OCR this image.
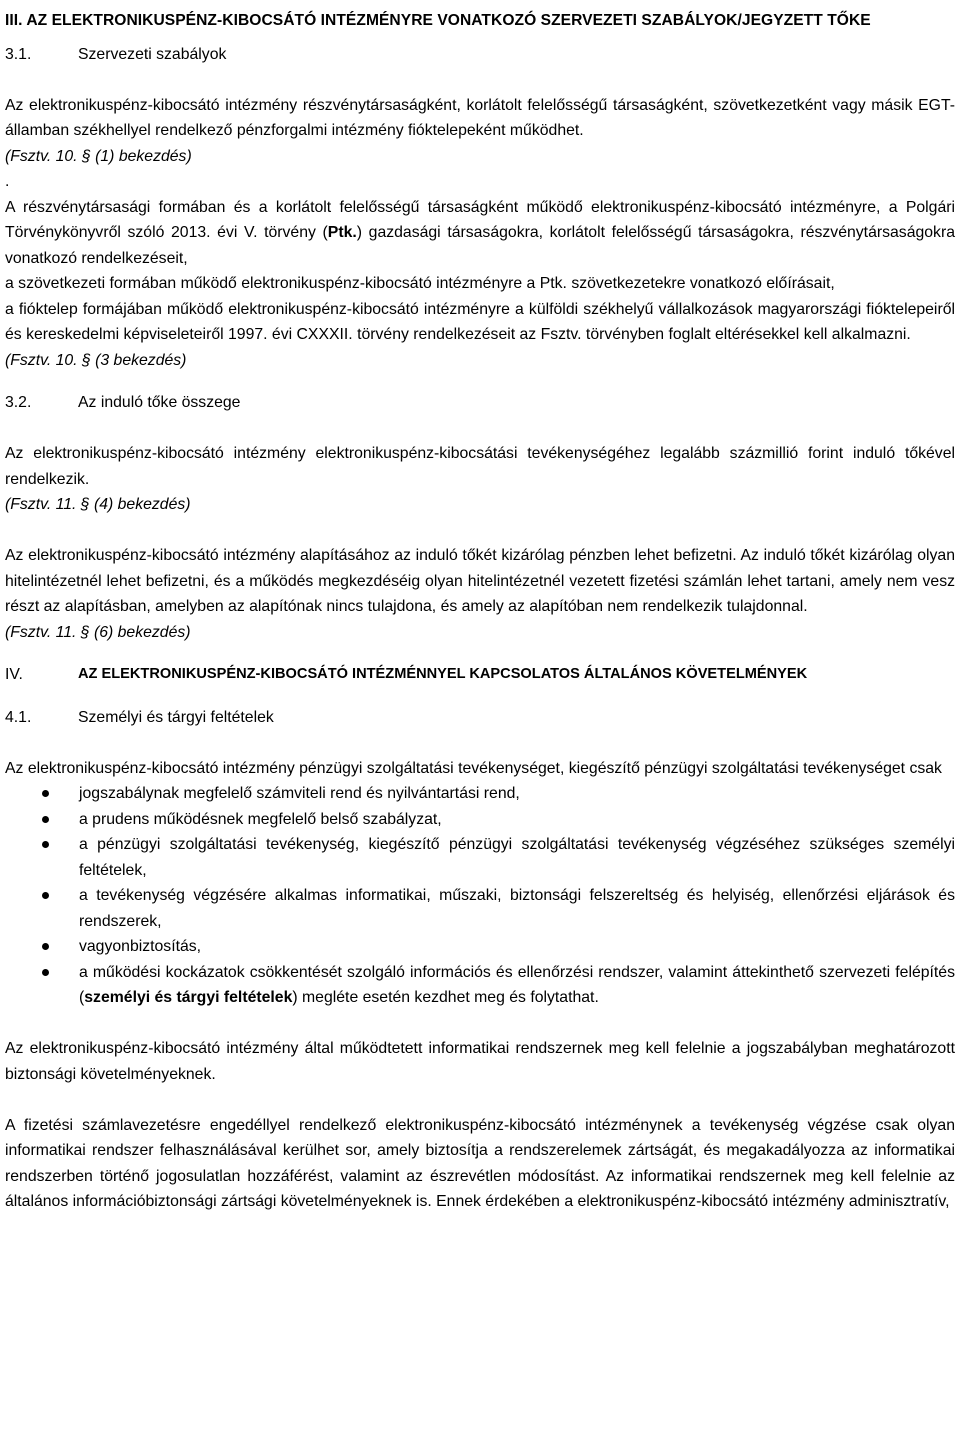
III. AZ ELEKTRONIKUSPÉNZ-KIBOCSÁTÓ INTÉZMÉNYRE VONATKOZÓ SZERVEZETI SZABÁLYOK/JEGYZETT TŐKE
3.1.	Szervezeti szabályok

Az elektronikuspénz-kibocsátó intézmény részvénytársaságként, korlátolt felelősségű társaságként, szövetkezetként vagy másik EGT-államban székhellyel rendelkező pénzforgalmi intézmény fióktelepeként működhet.

(Fsztv. 10. § (1) bekezdés)

.

A részvénytársasági formában és a korlátolt felelősségű társaságként működő elektronikuspénz-kibocsátó intézményre, a Polgári Törvénykönyvről szóló 2013. évi V. törvény (Ptk.) gazdasági társaságokra, korlátolt felelősségű társaságokra, részvénytársaságokra vonatkozó rendelkezéseit,

a szövetkezeti formában működő elektronikuspénz-kibocsátó intézményre a Ptk. szövetkezetekre vonatkozó előírásait,

a fióktelep formájában működő elektronikuspénz-kibocsátó intézményre a külföldi székhelyű vállalkozások magyarországi fióktelepeiről és kereskedelmi képviseleteiről 1997. évi CXXXII. törvény rendelkezéseit az Fsztv. törvényben foglalt eltérésekkel kell alkalmazni.

(Fsztv. 10. § (3 bekezdés)

3.2.	Az induló tőke összege

Az elektronikuspénz-kibocsátó intézmény elektronikuspénz-kibocsátási tevékenységéhez legalább százmillió forint induló tőkével rendelkezik.

(Fsztv. 11. § (4) bekezdés)

Az elektronikuspénz-kibocsátó intézmény alapításához az induló tőkét kizárólag pénzben lehet befizetni. Az induló tőkét kizárólag olyan hitelintézetnél lehet befizetni, és a működés megkezdéséig olyan hitelintézetnél vezetett fizetési számlán lehet tartani, amely nem vesz részt az alapításban, amelyben az alapítónak nincs tulajdona, és amely az alapítóban nem rendelkezik tulajdonnal.

(Fsztv. 11. § (6) bekezdés)

IV.	AZ ELEKTRONIKUSPÉNZ-KIBOCSÁTÓ INTÉZMÉNNYEL KAPCSOLATOS ÁLTALÁNOS KÖVETELMÉNYEK
4.1.	Személyi és tárgyi feltételek

Az elektronikuspénz-kibocsátó intézmény pénzügyi szolgáltatási tevékenységet, kiegészítő pénzügyi szolgáltatási tevékenységet csak

jogszabálynak megfelelő számviteli rend és nyilvántartási rend,
a prudens működésnek megfelelő belső szabályzat,
a pénzügyi szolgáltatási tevékenység, kiegészítő pénzügyi szolgáltatási tevékenység végzéséhez szükséges személyi feltételek,
a tevékenység végzésére alkalmas informatikai, műszaki, biztonsági felszereltség és helyiség, ellenőrzési eljárások és rendszerek,
vagyonbiztosítás,
a működési kockázatok csökkentését szolgáló információs és ellenőrzési rendszer, valamint áttekinthető szervezeti felépítés (személyi és tárgyi feltételek) megléte esetén kezdhet meg és folytathat.

Az elektronikuspénz-kibocsátó intézmény által működtetett informatikai rendszernek meg kell felelnie a jogszabályban meghatározott biztonsági követelményeknek.

A fizetési számlavezetésre engedéllyel rendelkező elektronikuspénz-kibocsátó intézménynek a tevékenység végzése csak olyan informatikai rendszer felhasználásával kerülhet sor, amely biztosítja a rendszerelemek zártságát, és megakadályozza az informatikai rendszerben történő jogosulatlan hozzáférést, valamint az észrevétlen módosítást. Az informatikai rendszernek meg kell felelnie az általános információbiztonsági zártsági követelményeknek is. Ennek érdekében a elektronikuspénz-kibocsátó intézmény adminisztratív,
